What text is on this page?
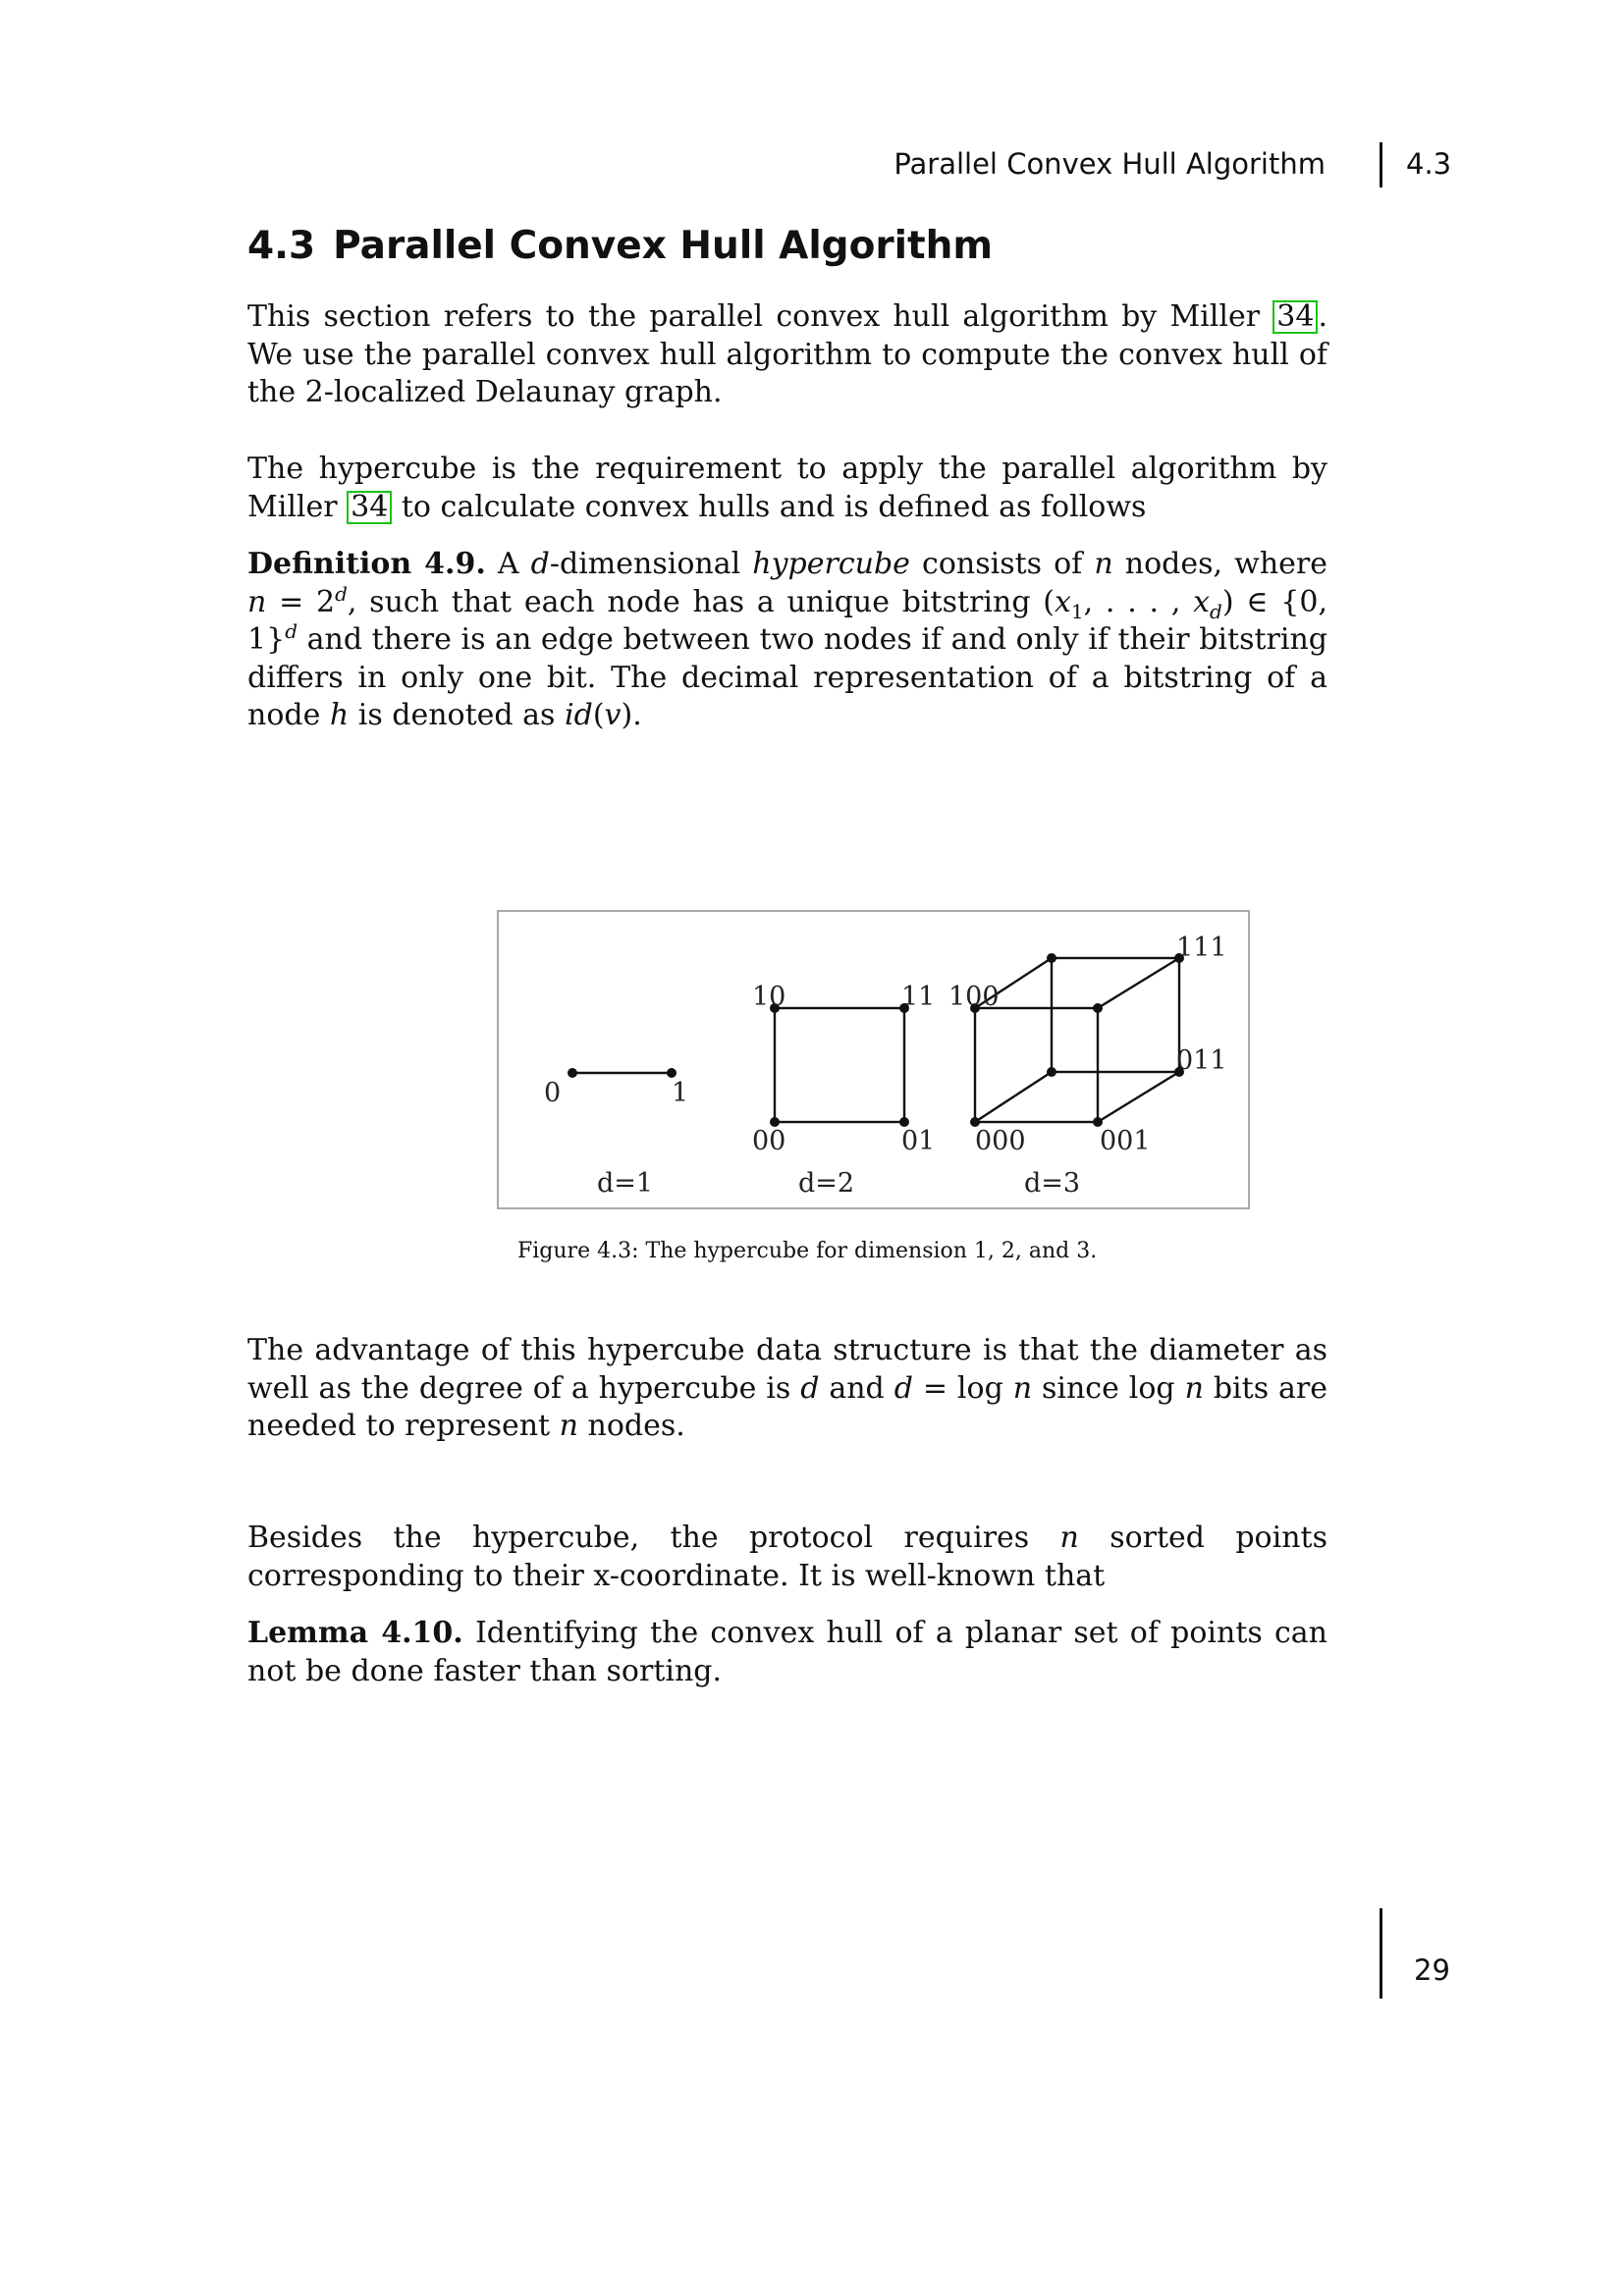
Parallel Convex Hull Algorithm	4.3
4.3 Parallel Convex Hull Algorithm

This section refers to the parallel convex hull algorithm by Miller 34 . We use the parallel convex hull algorithm to compute the convex hull of the 2-localized Delaunay graph.

The hypercube is the requirement to apply the parallel algorithm by Miller 34 to calculate convex hulls and is defined as follows

Definition 4.9. A d-dimensional hypercube consists of n nodes, where $n = 2^d$, such that each node has a unique bitstring ($x_1$, . . . , $x_d$) ∈ {0, 1}$^d$ and there is an edge between two nodes if and only if their bitstring differs in only one bit. The decimal representation of a bitstring of a node h is denoted as id(v).

0	1
10	11
00	01
100
111
011
000	001
d=1	d=2	d=3

Figure 4.3: The hypercube for dimension 1, 2, and 3.

The advantage of this hypercube data structure is that the diameter as well as the degree of a hypercube is d and d = log n since log n bits are needed to represent n nodes.

Besides the hypercube, the protocol requires n sorted points corresponding to their x-coordinate. It is well-known that

Lemma 4.10. Identifying the convex hull of a planar set of points can not be done faster than sorting.

29
